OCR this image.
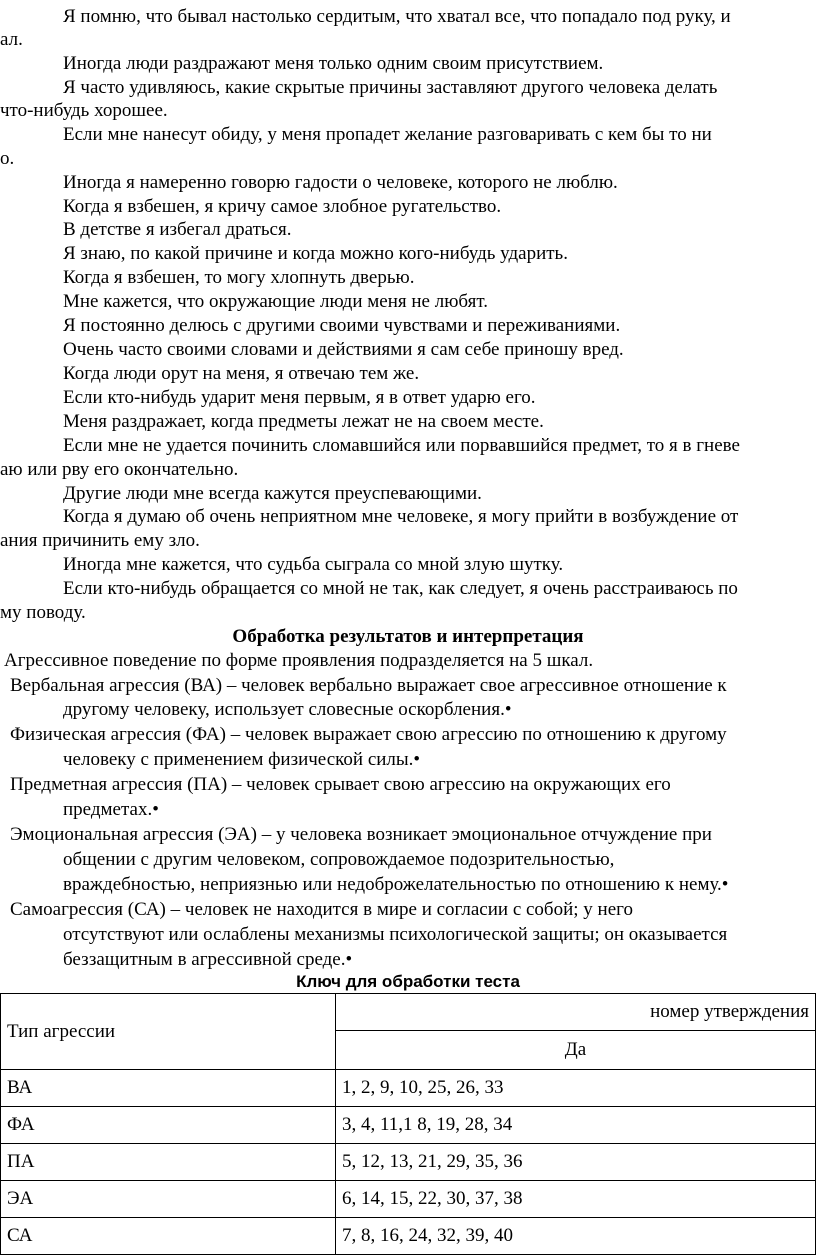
Я помню, что бывал настолько сердитым, что хватал все, что попадало под руку, и
ал.
Иногда люди раздражают меня только одним своим присутствием.
Я часто удивляюсь, какие скрытые причины заставляют другого человека делать
что-нибудь хорошее.
Если мне нанесут обиду, у меня пропадет желание разговаривать с кем бы то ни
о.
Иногда я намеренно говорю гадости о человеке, которого не люблю.
Когда я взбешен, я кричу самое злобное ругательство.
В детстве я избегал драться.
Я знаю, по какой причине и когда можно кого-нибудь ударить.
Когда я взбешен, то могу хлопнуть дверью.
Мне кажется, что окружающие люди меня не любят.
Я постоянно делюсь с другими своими чувствами и переживаниями.
Очень часто своими словами и действиями я сам себе приношу вред.
Когда люди орут на меня, я отвечаю тем же.
Если кто-нибудь ударит меня первым, я в ответ ударю его.
Меня раздражает, когда предметы лежат не на своем месте.
Если мне не удается починить сломавшийся или порвавшийся предмет, то я в гневе
аю или рву его окончательно.
Другие люди мне всегда кажутся преуспевающими.
Когда я думаю об очень неприятном мне человеке, я могу прийти в возбуждение от
ания причинить ему зло.
Иногда мне кажется, что судьба сыграла со мной злую шутку.
Если кто-нибудь обращается со мной не так, как следует, я очень расстраиваюсь по
му поводу.
Обработка результатов и интерпретация
Агрессивное поведение по форме проявления подразделяется на 5 шкал.
Вербальная агрессия (ВА) – человек вербально выражает свое агрессивное отношение к
другому человеку, использует словесные оскорбления.•
Физическая агрессия (ФА) – человек выражает свою агрессию по отношению к другому
человеку с применением физической силы.•
Предметная агрессия (ПА) – человек срывает свою агрессию на окружающих его
предметах.•
Эмоциональная агрессия (ЭА) – у человека возникает эмоциональное отчуждение при
общении с другим человеком, сопровождаемое подозрительностью,
враждебностью, неприязнью или недоброжелательностью по отношению к нему.•
Самоагрессия (СА) – человек не находится в мире и согласии с собой; у него
отсутствуют или ослаблены механизмы психологической защиты; он оказывается
беззащитным в агрессивной среде.•
Ключ для обработки теста
Тип агрессии	номер утверждения
	Да
ВА	1, 2, 9, 10, 25, 26, 33
ФА	3, 4, 11,1 8, 19, 28, 34
ПА	5, 12, 13, 21, 29, 35, 36
ЭА	6, 14, 15, 22, 30, 37, 38
СА	7, 8, 16, 24, 32, 39, 40
